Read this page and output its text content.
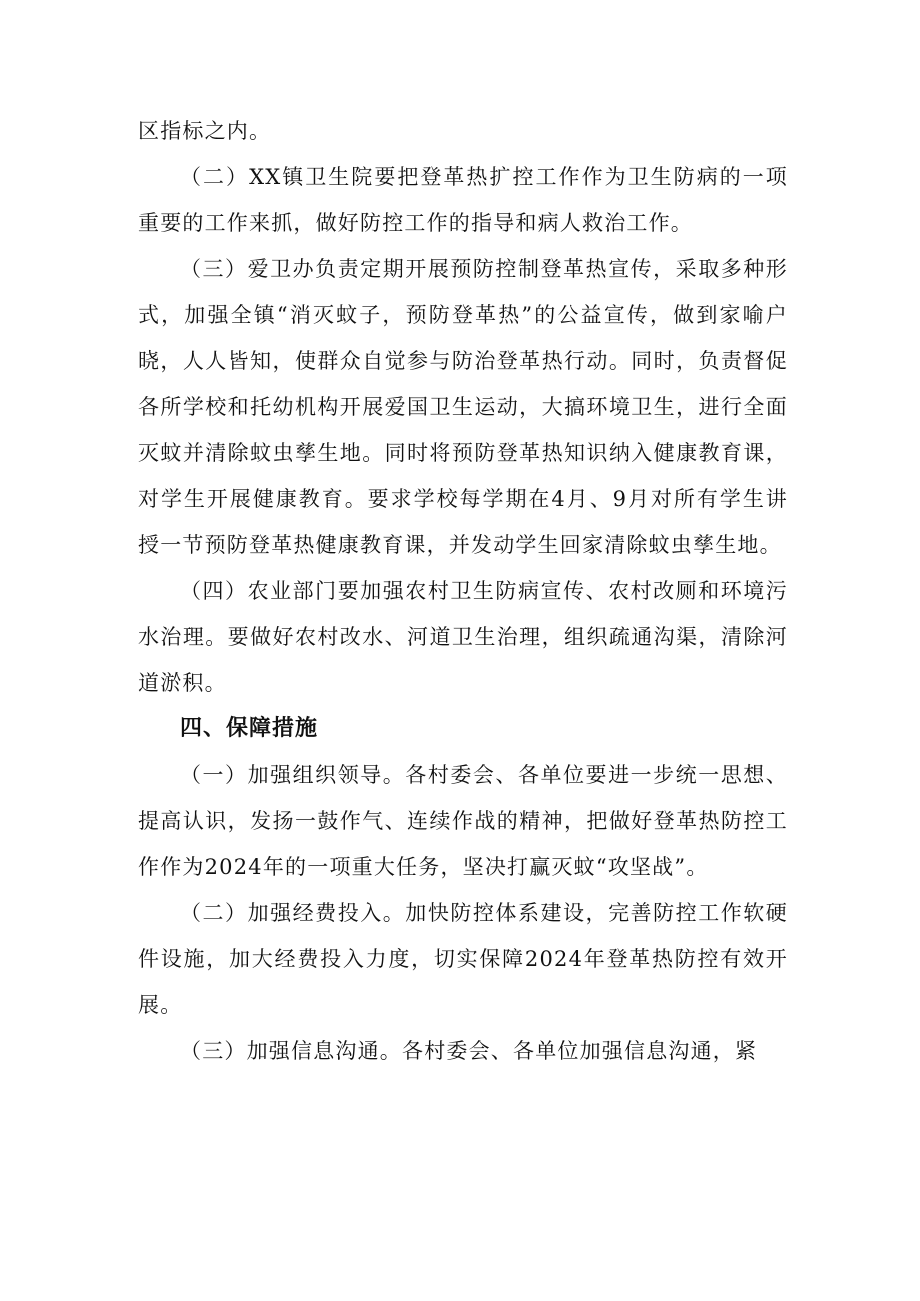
区指标之内。

（二）XX镇卫生院要把登革热扩控工作作为卫生防病的一项重要的工作来抓，做好防控工作的指导和病人救治工作。

（三）爱卫办负责定期开展预防控制登革热宣传，采取多种形式，加强全镇“消灭蚊子，预防登革热”的公益宣传，做到家喻户晓，人人皆知，使群众自觉参与防治登革热行动。同时，负责督促各所学校和托幼机构开展爱国卫生运动，大搞环境卫生，进行全面灭蚊并清除蚊虫孳生地。同时将预防登革热知识纳入健康教育课，对学生开展健康教育。要求学校每学期在4月、9月对所有学生讲授一节预防登革热健康教育课，并发动学生回家清除蚊虫孳生地。

（四）农业部门要加强农村卫生防病宣传、农村改厕和环境污水治理。要做好农村改水、河道卫生治理，组织疏通沟渠，清除河道淤积。

四、保障措施

（一）加强组织领导。各村委会、各单位要进一步统一思想、提高认识，发扬一鼓作气、连续作战的精神，把做好登革热防控工作作为2024年的一项重大任务，坚决打赢灭蚊“攻坚战”。

（二）加强经费投入。加快防控体系建设，完善防控工作软硬件设施，加大经费投入力度，切实保障2024年登革热防控有效开展。

（三）加强信息沟通。各村委会、各单位加强信息沟通，紧
